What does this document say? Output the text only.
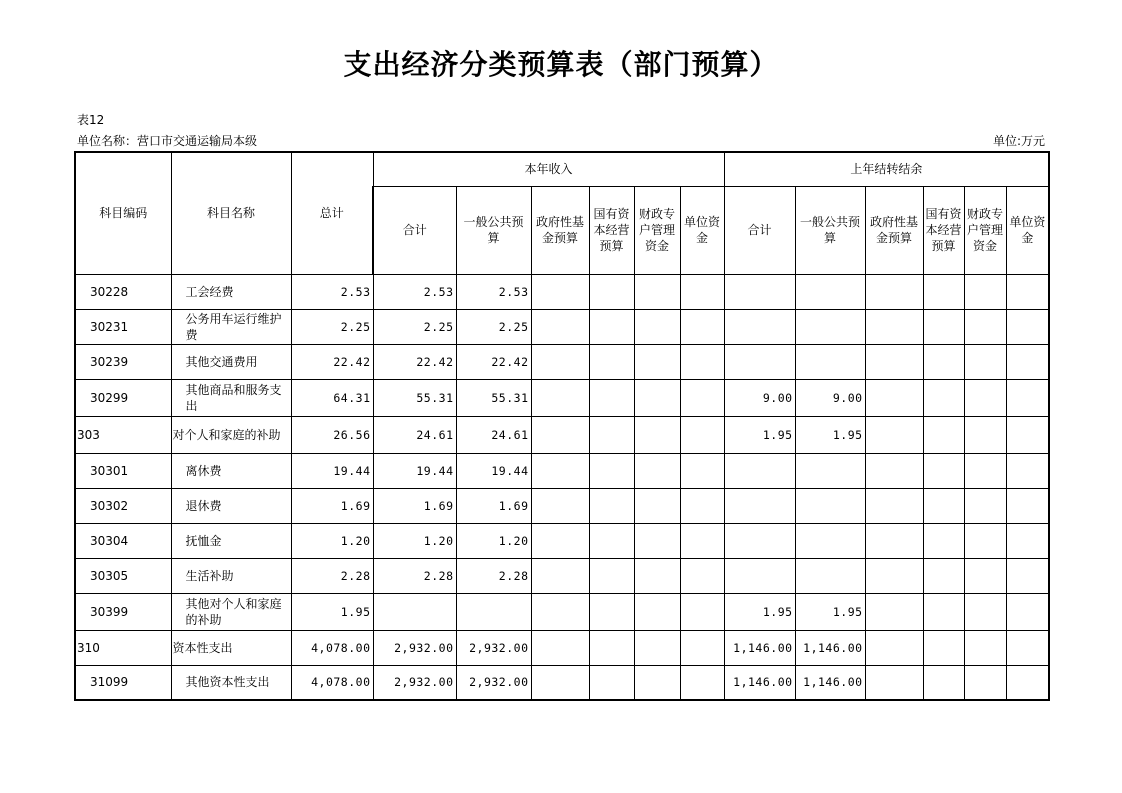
支出经济分类预算表（部门预算）
表12
单位名称：营口市交通运输局本级	单位:万元
科目编码	科目名称	总计	本年收入						上年结转结余					
			合计	一般公共预算	政府性基金预算	国有资本经营预算	财政专户管理资金	单位资金	合计	一般公共预算	政府性基金预算	国有资本经营预算	财政专户管理资金	单位资金
30228	工会经费	2.53	2.53	2.53										
30231	公务用车运行维护费	2.25	2.25	2.25										
30239	其他交通费用	22.42	22.42	22.42										
30299	其他商品和服务支出	64.31	55.31	55.31					9.00	9.00				
303	对个人和家庭的补助	26.56	24.61	24.61					1.95	1.95				
30301	离休费	19.44	19.44	19.44										
30302	退休费	1.69	1.69	1.69										
30304	抚恤金	1.20	1.20	1.20										
30305	生活补助	2.28	2.28	2.28										
30399	其他对个人和家庭的补助	1.95							1.95	1.95				
310	资本性支出	4,078.00	2,932.00	2,932.00					1,146.00	1,146.00				
31099	其他资本性支出	4,078.00	2,932.00	2,932.00					1,146.00	1,146.00				
